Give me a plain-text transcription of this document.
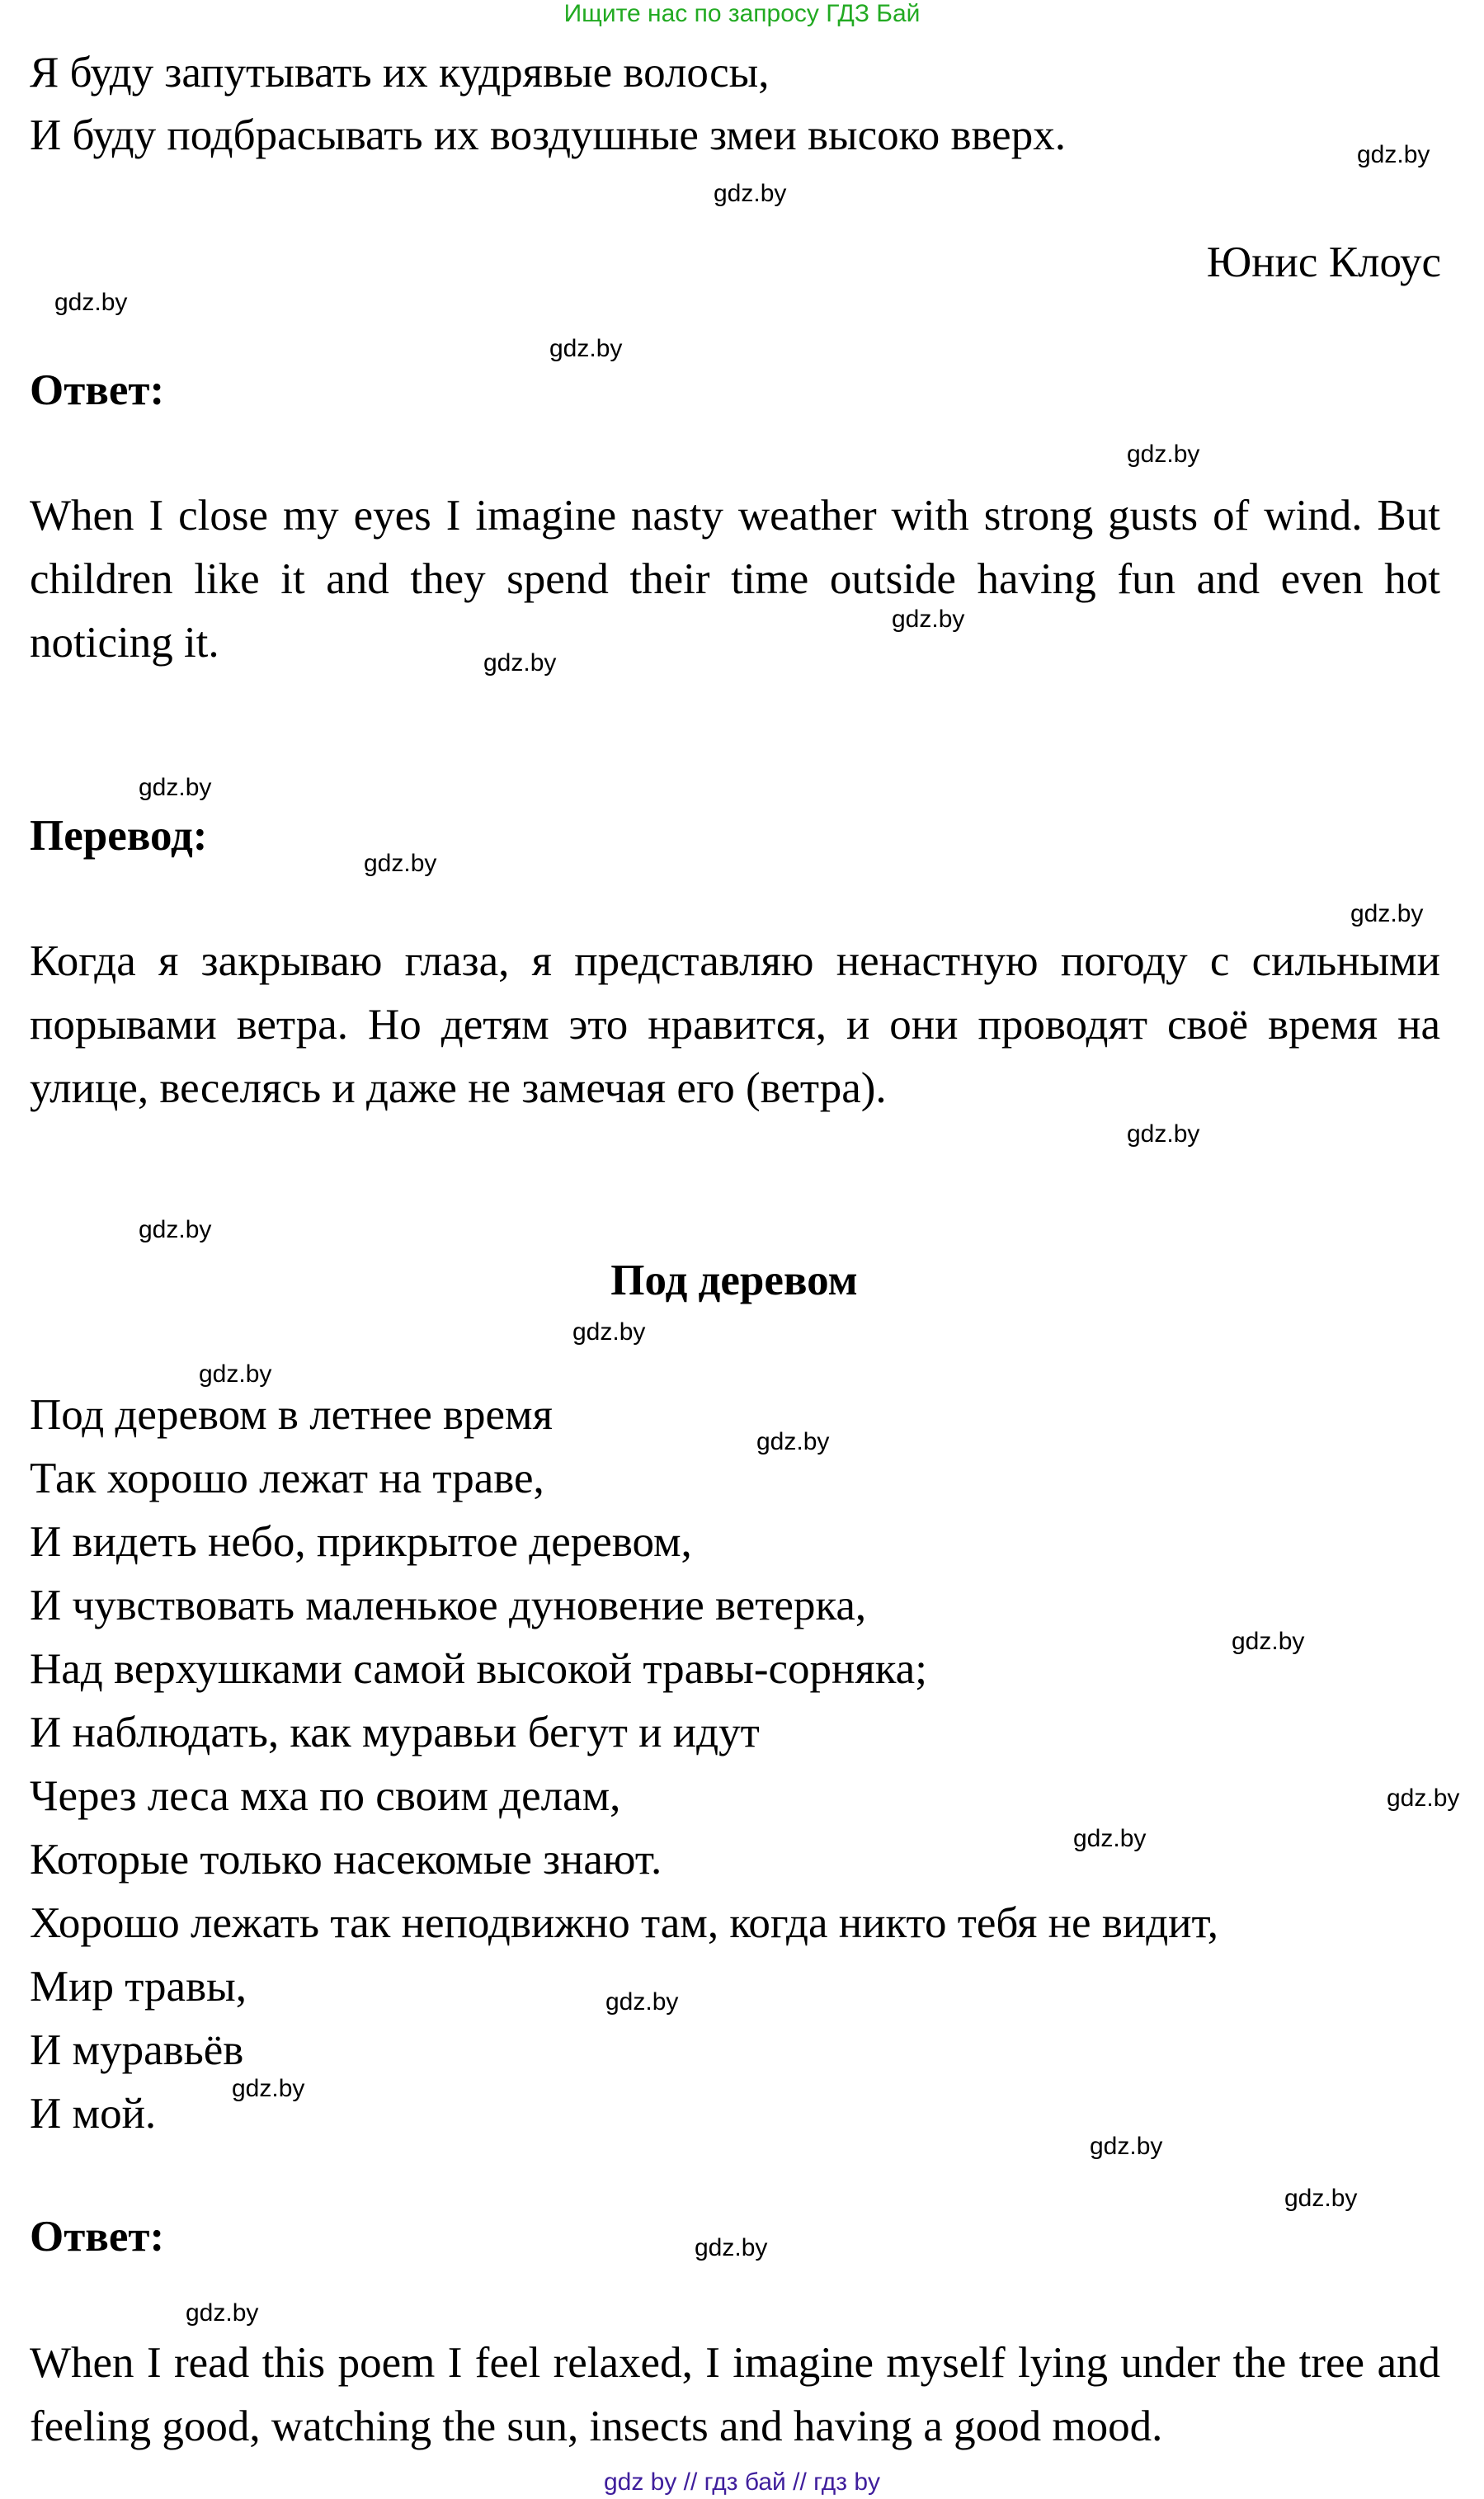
Ищите нас по запросу ГДЗ Бай
Я буду запутывать их кудрявые волосы,
И буду подбрасывать их воздушные змеи высоко вверх.
Юнис Клоус
Ответ:
When I close my eyes I imagine nasty weather with strong gusts of wind. But children like it and they spend their time outside having fun and even hot noticing it.
Перевод:
Когда я закрываю глаза, я представляю ненастную погоду с сильными порывами ветра. Но детям это нравится, и они проводят своё время на улице, веселясь и даже не замечая его (ветра).
Под деревом
Под деревом в летнее время
Так хорошо лежат на траве,
И видеть небо, прикрытое деревом,
И чувствовать маленькое дуновение ветерка,
Над верхушками самой высокой травы-сорняка;
И наблюдать, как муравьи бегут и идут
Через леса мха по своим делам,
Которые только насекомые знают.
Хорошо лежать так неподвижно там, когда никто тебя не видит,
Мир травы,
И муравьёв
И мой.
Ответ:
When I read this poem I feel relaxed, I imagine myself lying under the tree and feeling good, watching the sun, insects and having a good mood.
gdz.by
gdz.by
gdz.by
gdz.by
gdz.by
gdz.by
gdz.by
gdz.by
gdz.by
gdz.by
gdz.by
gdz.by
gdz.by
gdz.by
gdz.by
gdz.by
gdz.by
gdz.by
gdz.by
gdz.by
gdz.by
gdz.by
gdz.by
gdz.by
gdz by // гдз бай // гдз by
